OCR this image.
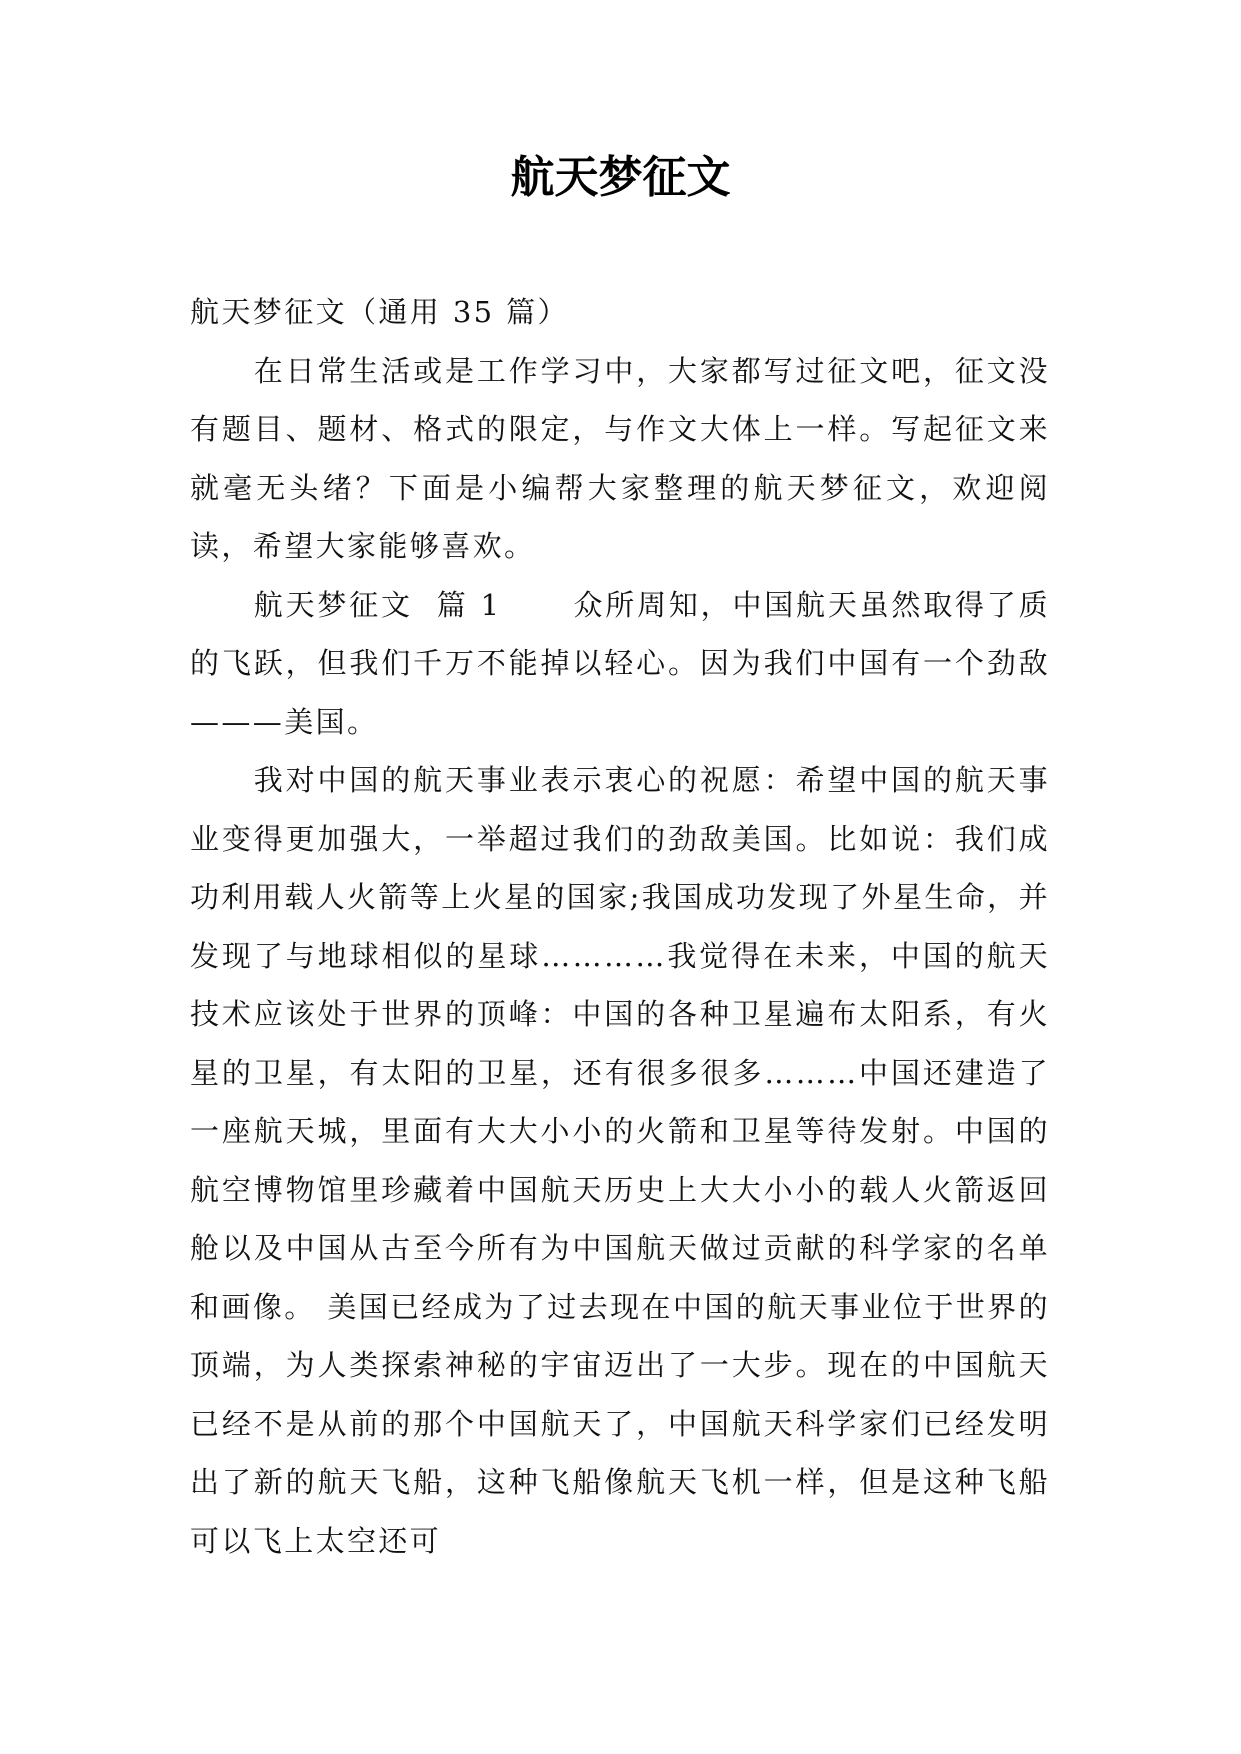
航天梦征文

航天梦征文（通用 35 篇）

在日常生活或是工作学习中，大家都写过征文吧，征文没有题目、题材、格式的限定，与作文大体上一样。写起征文来就毫无头绪？下面是小编帮大家整理的航天梦征文，欢迎阅读，希望大家能够喜欢。

航天梦征文  篇 1      众所周知，中国航天虽然取得了质的飞跃，但我们千万不能掉以轻心。因为我们中国有一个劲敌———美国。

我对中国的航天事业表示衷心的祝愿：希望中国的航天事业变得更加强大，一举超过我们的劲敌美国。比如说：我们成功利用载人火箭等上火星的国家;我国成功发现了外星生命，并发现了与地球相似的星球…………我觉得在未来，中国的航天技术应该处于世界的顶峰：中国的各种卫星遍布太阳系，有火星的卫星，有太阳的卫星，还有很多很多………中国还建造了一座航天城，里面有大大小小的火箭和卫星等待发射。中国的航空博物馆里珍藏着中国航天历史上大大小小的载人火箭返回舱以及中国从古至今所有为中国航天做过贡献的科学家的名单和画像。 美国已经成为了过去现在中国的航天事业位于世界的顶端，为人类探索神秘的宇宙迈出了一大步。现在的中国航天已经不是从前的那个中国航天了，中国航天科学家们已经发明出了新的航天飞船，这种飞船像航天飞机一样，但是这种飞船可以飞上太空还可
